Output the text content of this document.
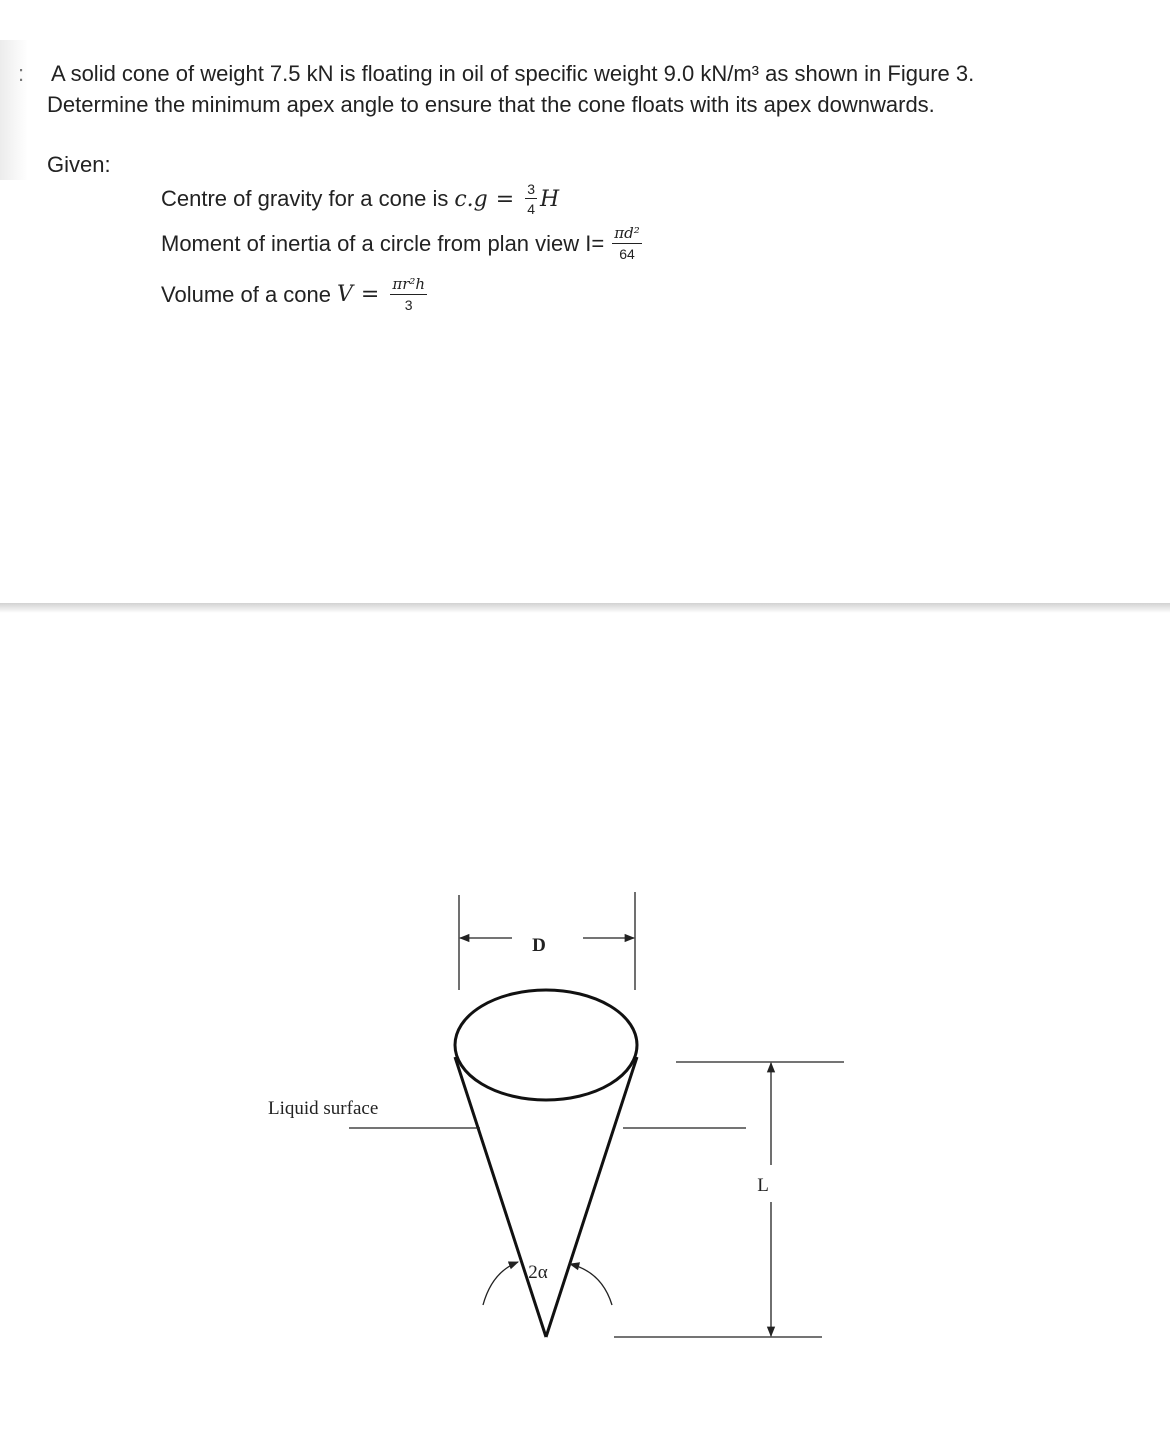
: A solid cone of weight 7.5 kN is floating in oil of specific weight 9.0 kN/m³ as shown in Figure 3.
Determine the minimum apex angle to ensure that the cone floats with its apex downwards.
Given:
Centre of gravity for a cone is $c.g = \frac{3}{4}$ H
Moment of inertia of a circle from plan view $I= \frac{\text{πd²}}{64}$
Volume of a cone $V = \frac{\text{πr²h}}{3}$
D
Liquid surface
L
2α
